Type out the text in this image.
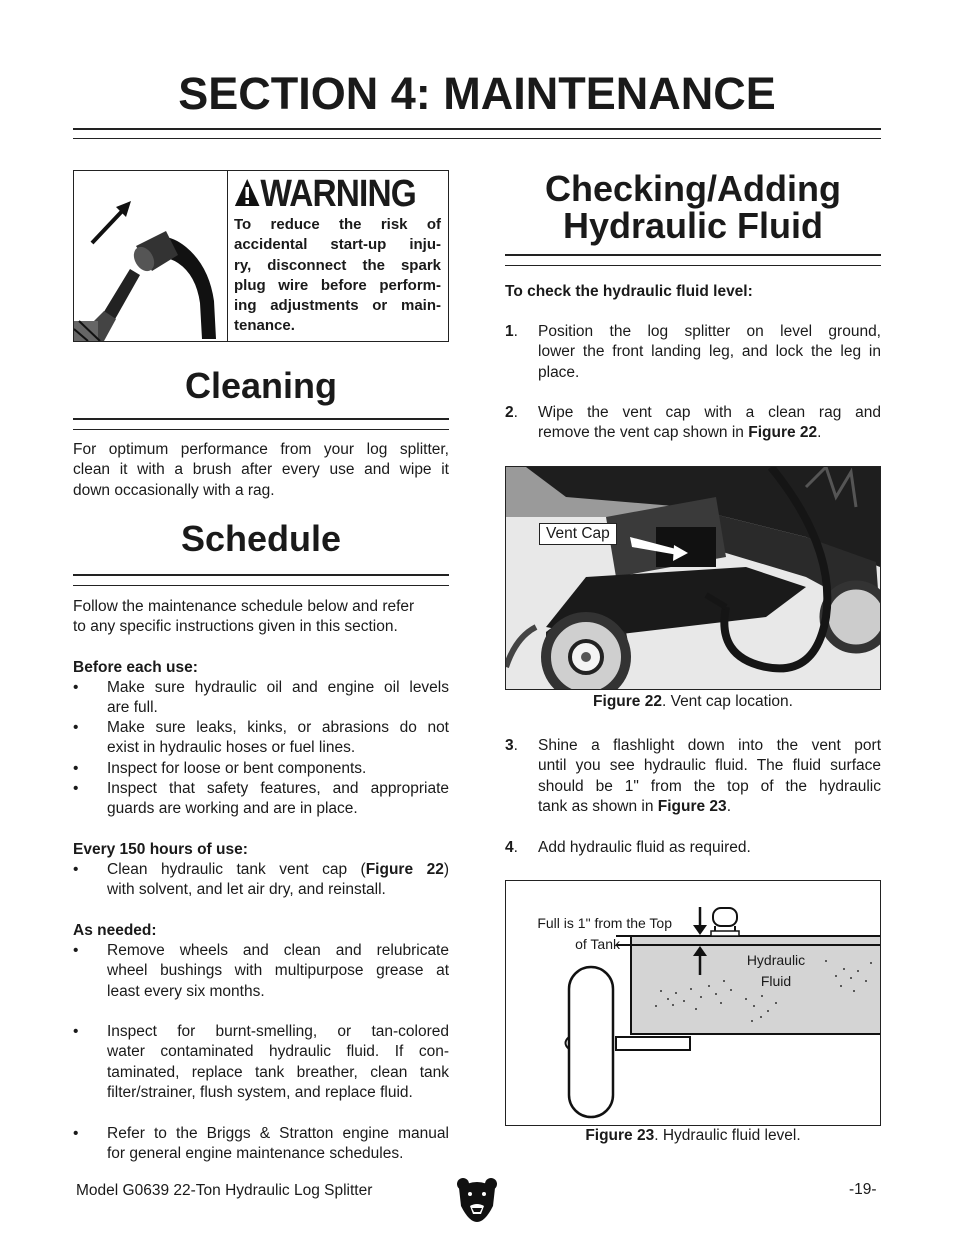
SECTION 4: MAINTENANCE
WARNING
To reduce the risk of
accidental start-up inju-
ry, disconnect the spark
plug wire before perform-
ing adjustments or main-
tenance.
Cleaning
For optimum performance from your log splitter,
clean it with a brush after every use and wipe it
down occasionally with a rag.
Schedule
Follow the maintenance schedule below and refer
to any specific instructions given in this section.
Before each use:
• Make sure hydraulic oil and engine oil levels
are full.
• Make sure leaks, kinks, or abrasions do not
exist in hydraulic hoses or fuel lines.
• Inspect for loose or bent components.
• Inspect that safety features, and appropriate
guards are working and are in place.
Every 150 hours of use:
• Clean hydraulic tank vent cap (Figure 22)
with solvent, and let air dry, and reinstall.
As needed:
• Remove wheels and clean and relubricate
wheel bushings with multipurpose grease at
least every six months.
• Inspect for burnt-smelling, or tan-colored
water contaminated hydraulic fluid. If con-
taminated, replace tank breather, clean tank
filter/strainer, flush system, and replace fluid.
• Refer to the Briggs & Stratton engine manual
for general engine maintenance schedules.
Checking/Adding
Hydraulic Fluid
To check the hydraulic fluid level:
1. Position the log splitter on level ground,
lower the front landing leg, and lock the leg in
place.
2. Wipe the vent cap with a clean rag and
remove the vent cap shown in Figure 22.
Vent Cap
Figure 22. Vent cap location.
3. Shine a flashlight down into the vent port
until you see hydraulic fluid. The fluid surface
should be 1" from the top of the hydraulic
tank as shown in Figure 23.
4. Add hydraulic fluid as required.
Full is 1" from the Top
of Tank
Hydraulic
Fluid
Figure 23. Hydraulic fluid level.
Model G0639 22-Ton Hydraulic Log Splitter	-19-
